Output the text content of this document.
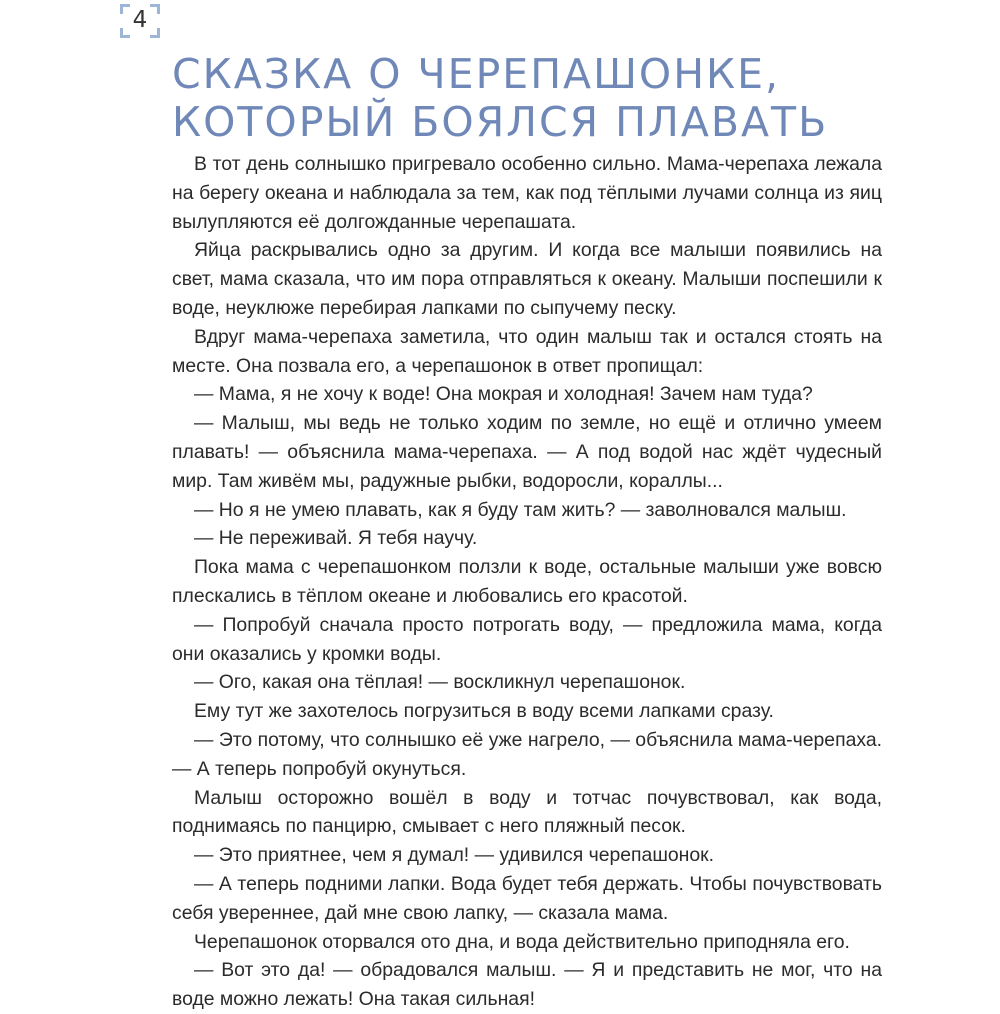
4
СКАЗКА О ЧЕРЕПАШОНКЕ,
КОТОРЫЙ БОЯЛСЯ ПЛАВАТЬ

В тот день солнышко пригревало особенно сильно. Мама-черепаха лежала на берегу океана и наблюдала за тем, как под тёплыми лучами солнца из яиц вылупляются её долгожданные черепашата.

Яйца раскрывались одно за другим. И когда все малыши появились на свет, мама сказала, что им пора отправляться к океану. Малыши поспешили к воде, неуклюже перебирая лапками по сыпучему песку.

Вдруг мама-черепаха заметила, что один малыш так и остался стоять на месте. Она позвала его, а черепашонок в ответ пропищал:

— Мама, я не хочу к воде! Она мокрая и холодная! Зачем нам туда?

— Малыш, мы ведь не только ходим по земле, но ещё и отлично умеем плавать! — объяснила мама-черепаха. — А под водой нас ждёт чудесный мир. Там живём мы, радужные рыбки, водоросли, кораллы...

— Но я не умею плавать, как я буду там жить? — заволновался малыш.

— Не переживай. Я тебя научу.

Пока мама с черепашонком ползли к воде, остальные малыши уже вовсю плескались в тёплом океане и любовались его красотой.

— Попробуй сначала просто потрогать воду, — предложила мама, когда они оказались у кромки воды.

— Ого, какая она тёплая! — воскликнул черепашонок.

Ему тут же захотелось погрузиться в воду всеми лапками сразу.

— Это потому, что солнышко её уже нагрело, — объяснила мама-черепаха. — А теперь попробуй окунуться.

Малыш осторожно вошёл в воду и тотчас почувствовал, как вода, поднимаясь по панцирю, смывает с него пляжный песок.

— Это приятнее, чем я думал! — удивился черепашонок.

— А теперь подними лапки. Вода будет тебя держать. Чтобы почувствовать себя увереннее, дай мне свою лапку, — сказала мама.

Черепашонок оторвался ото дна, и вода действительно приподняла его.

— Вот это да! — обрадовался малыш. — Я и представить не мог, что на воде можно лежать! Она такая сильная!
